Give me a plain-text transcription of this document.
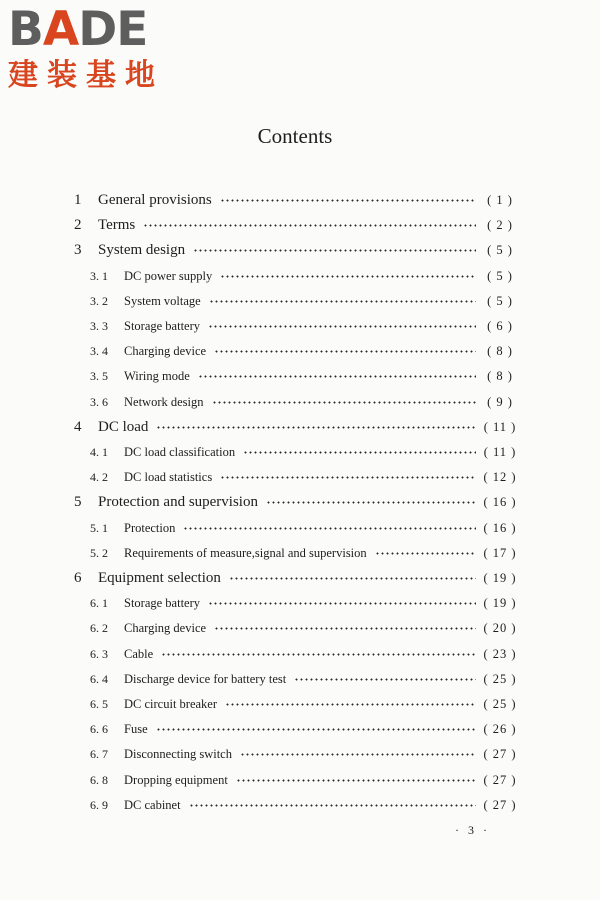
BADE
建装基地
Contents
1 General provisions	( 1 )
2 Terms	( 2 )
3 System design	( 5 )
3. 1 DC power supply	( 5 )
3. 2 System voltage	( 5 )
3. 3 Storage battery	( 6 )
3. 4 Charging device	( 8 )
3. 5 Wiring mode	( 8 )
3. 6 Network design	( 9 )
4 DC load	( 11 )
4. 1 DC load classification	( 11 )
4. 2 DC load statistics	( 12 )
5 Protection and supervision	( 16 )
5. 1 Protection	( 16 )
5. 2 Requirements of measure,signal and supervision	( 17 )
6 Equipment selection	( 19 )
6. 1 Storage battery	( 19 )
6. 2 Charging device	( 20 )
6. 3 Cable	( 23 )
6. 4 Discharge device for battery test	( 25 )
6. 5 DC circuit breaker	( 25 )
6. 6 Fuse	( 26 )
6. 7 Disconnecting switch	( 27 )
6. 8 Dropping equipment	( 27 )
6. 9 DC cabinet	( 27 )
· 3 ·
